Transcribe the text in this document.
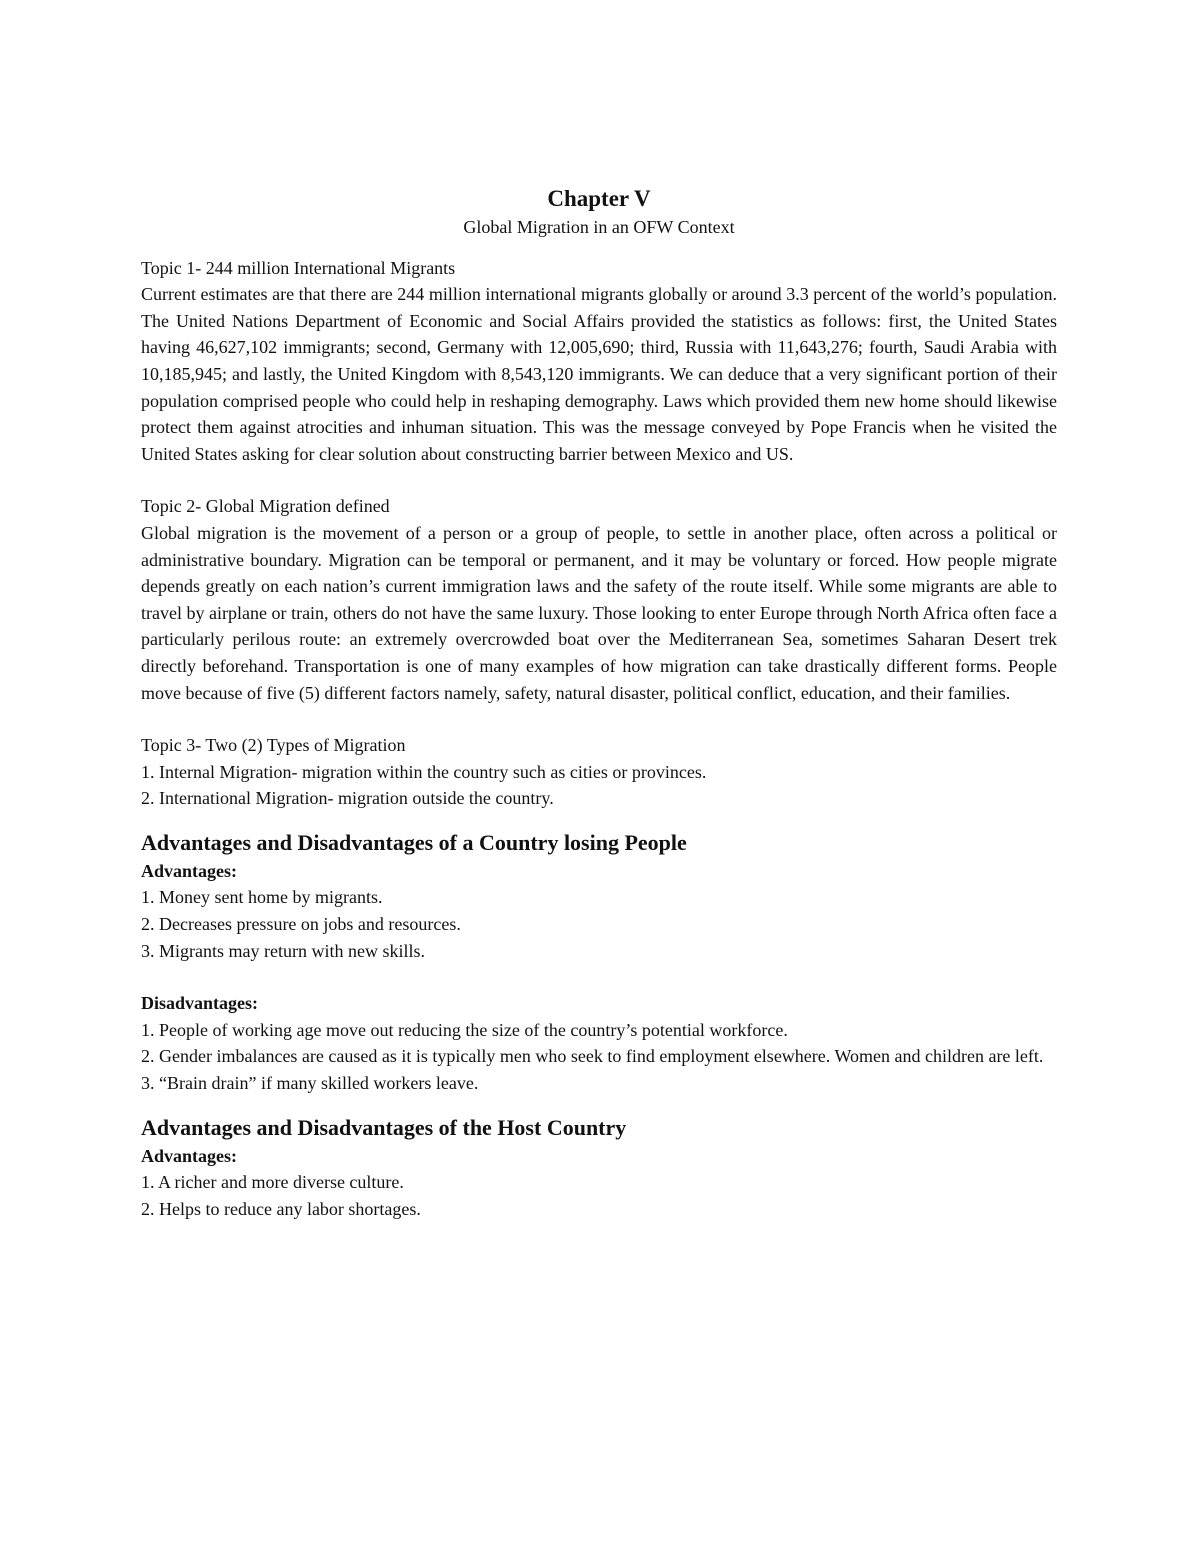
Chapter V

Global Migration in an OFW Context

Topic 1- 244 million International Migrants

Current estimates are that there are 244 million international migrants globally or around 3.3 percent of the world’s population. The United Nations Department of Economic and Social Affairs provided the statistics as follows: first, the United States having 46,627,102 immigrants; second, Germany with 12,005,690; third, Russia with 11,643,276; fourth, Saudi Arabia with 10,185,945; and lastly, the United Kingdom with 8,543,120 immigrants. We can deduce that a very significant portion of their population comprised people who could help in reshaping demography. Laws which provided them new home should likewise protect them against atrocities and inhuman situation. This was the message conveyed by Pope Francis when he visited the United States asking for clear solution about constructing barrier between Mexico and US.

Topic 2- Global Migration defined

Global migration is the movement of a person or a group of people, to settle in another place, often across a political or administrative boundary. Migration can be temporal or permanent, and it may be voluntary or forced. How people migrate depends greatly on each nation’s current immigration laws and the safety of the route itself. While some migrants are able to travel by airplane or train, others do not have the same luxury. Those looking to enter Europe through North Africa often face a particularly perilous route: an extremely overcrowded boat over the Mediterranean Sea, sometimes Saharan Desert trek directly beforehand. Transportation is one of many examples of how migration can take drastically different forms. People move because of five (5) different factors namely, safety, natural disaster, political conflict, education, and their families.

Topic 3- Two (2) Types of Migration

1. Internal Migration- migration within the country such as cities or provinces.

2. International Migration- migration outside the country.

Advantages and Disadvantages of a Country losing People

Advantages:

1. Money sent home by migrants.

2. Decreases pressure on jobs and resources.

3. Migrants may return with new skills.

Disadvantages:

1. People of working age move out reducing the size of the country’s potential workforce.

2. Gender imbalances are caused as it is typically men who seek to find employment elsewhere. Women and children are left.

3. “Brain drain” if many skilled workers leave.

Advantages and Disadvantages of the Host Country

Advantages:

1. A richer and more diverse culture.

2. Helps to reduce any labor shortages.
